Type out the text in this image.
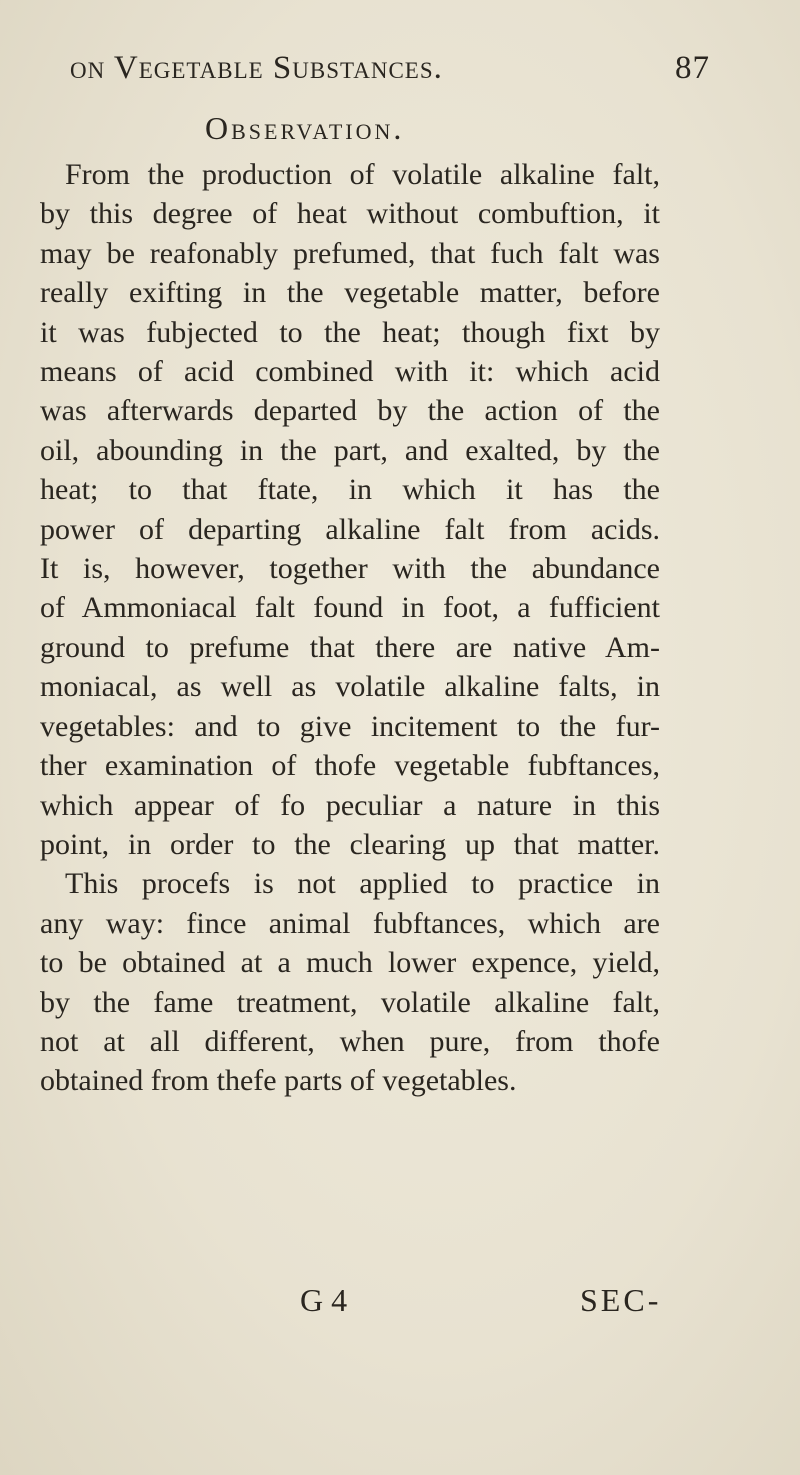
on Vegetable Substances.	87
Observation.
From the production of volatile alkaline falt,
by this degree of heat without combuftion, it
may be reafonably prefumed, that fuch falt was
really exifting in the vegetable matter, before
it was fubjected to the heat; though fixt by
means of acid combined with it: which acid
was afterwards departed by the action of the
oil, abounding in the part, and exalted, by the
heat; to that ftate, in which it has the
power of departing alkaline falt from acids.
It is, however, together with the abundance
of Ammoniacal falt found in foot, a fufficient
ground to prefume that there are native Am-
moniacal, as well as volatile alkaline falts, in
vegetables: and to give incitement to the fur-
ther examination of thofe vegetable fubftances,
which appear of fo peculiar a nature in this
point, in order to the clearing up that matter.
This procefs is not applied to practice in
any way: fince animal fubftances, which are
to be obtained at a much lower expence, yield,
by the fame treatment, volatile alkaline falt,
not at all different, when pure, from thofe
obtained from thefe parts of vegetables.
G 4	SEC-
